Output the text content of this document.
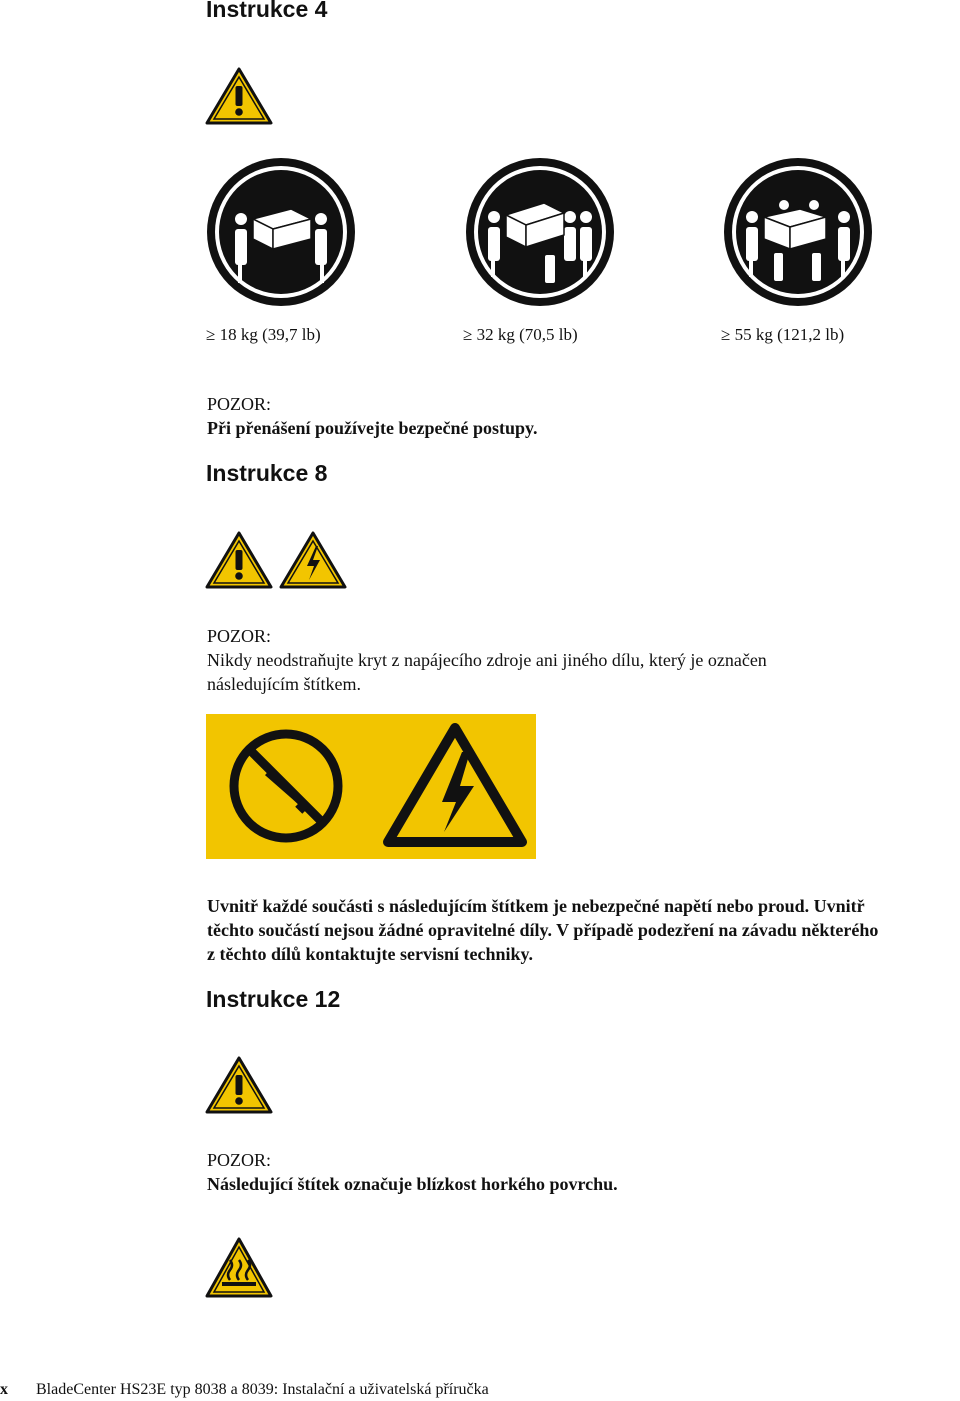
Instrukce 4
≥ 18 kg (39,7 lb)	≥ 32 kg (70,5 lb)	≥ 55 kg (121,2 lb)
POZOR:
Při přenášení používejte bezpečné postupy.
Instrukce 8
POZOR:
Nikdy neodstraňujte kryt z napájecího zdroje ani jiného dílu, který je označen
následujícím štítkem.
Uvnitř každé součásti s následujícím štítkem je nebezpečné napětí nebo proud. Uvnitř
těchto součástí nejsou žádné opravitelné díly. V případě podezření na závadu některého
z těchto dílů kontaktujte servisní techniky.
Instrukce 12
POZOR:
Následující štítek označuje blízkost horkého povrchu.
x BladeCenter HS23E typ 8038 a 8039: Instalační a uživatelská příručka
